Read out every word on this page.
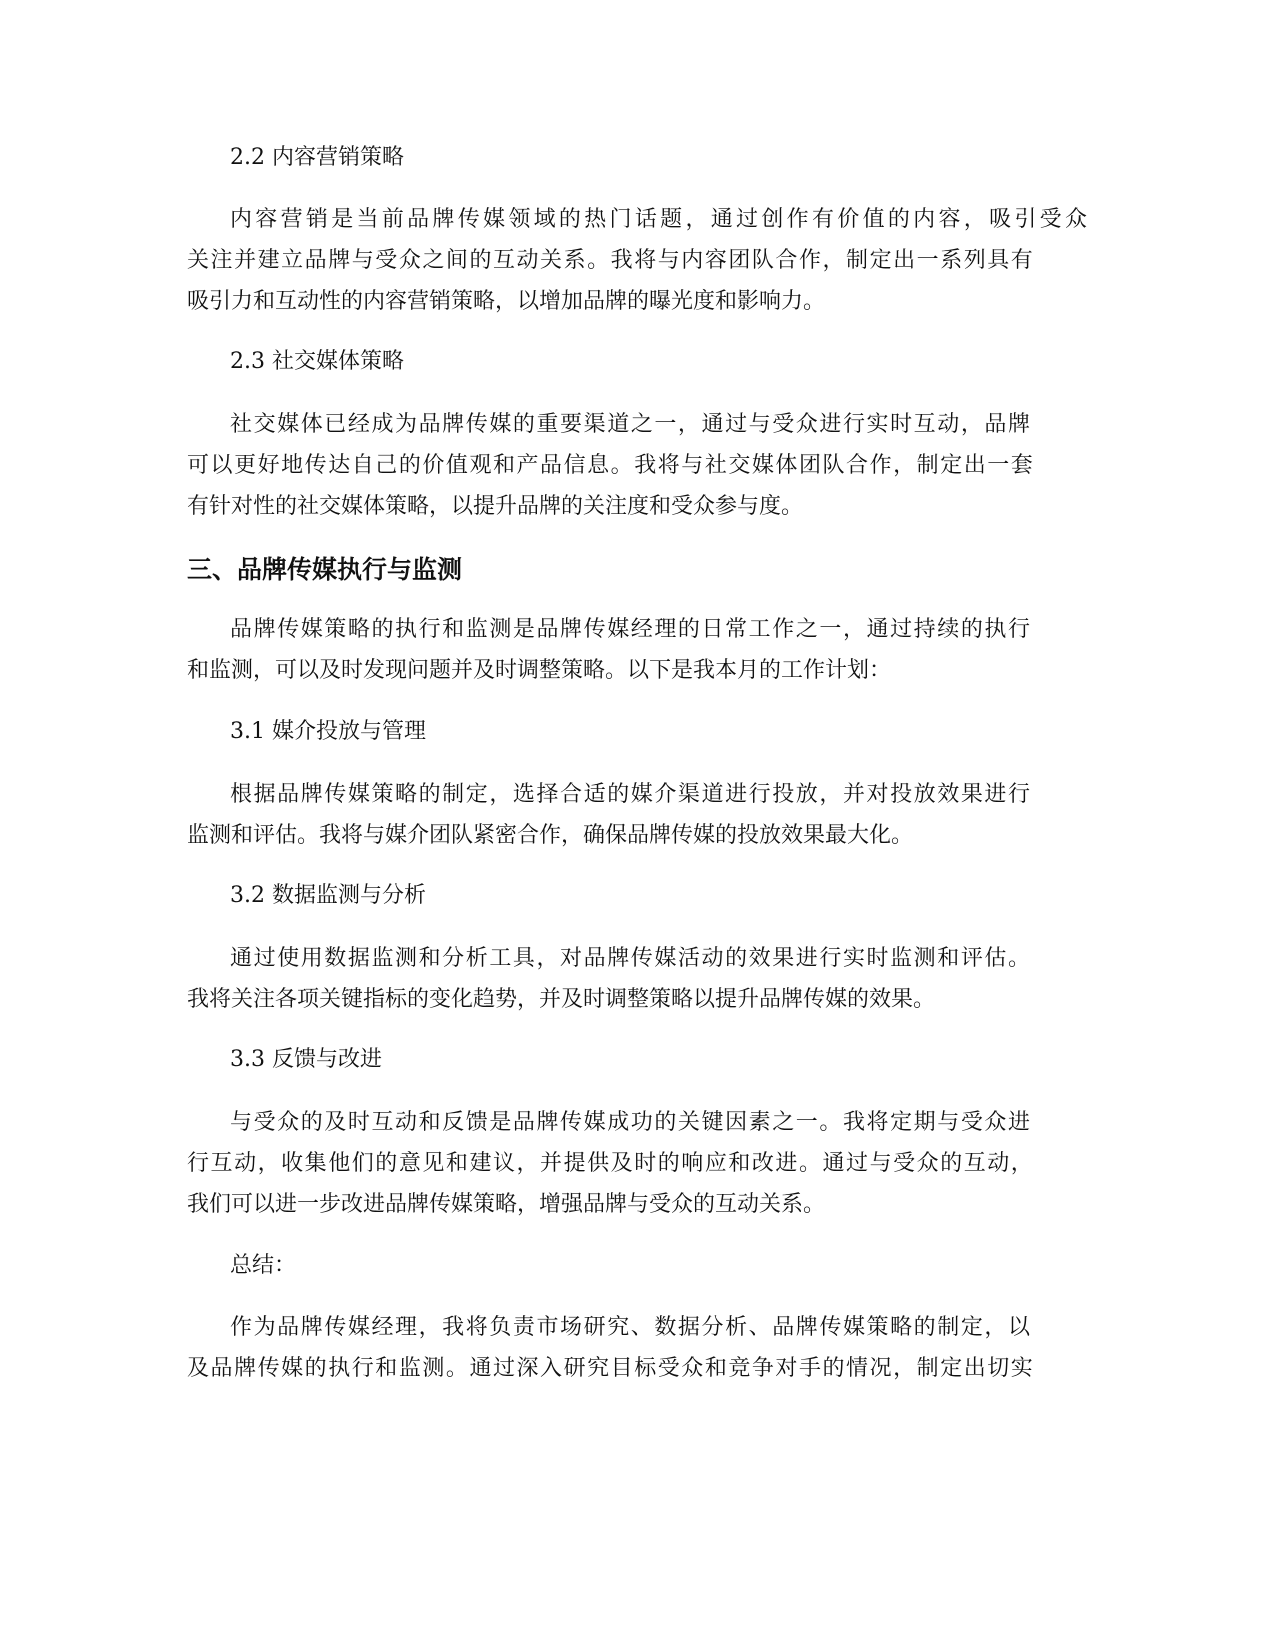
2.2 内容营销策略
内容营销是当前品牌传媒领域的热门话题，通过创作有价值的内容，吸引受众
关注并建立品牌与受众之间的互动关系。我将与内容团队合作，制定出一系列具有
吸引力和互动性的内容营销策略，以增加品牌的曝光度和影响力。
2.3 社交媒体策略
社交媒体已经成为品牌传媒的重要渠道之一，通过与受众进行实时互动，品牌
可以更好地传达自己的价值观和产品信息。我将与社交媒体团队合作，制定出一套
有针对性的社交媒体策略，以提升品牌的关注度和受众参与度。
三、品牌传媒执行与监测
品牌传媒策略的执行和监测是品牌传媒经理的日常工作之一，通过持续的执行
和监测，可以及时发现问题并及时调整策略。以下是我本月的工作计划：
3.1 媒介投放与管理
根据品牌传媒策略的制定，选择合适的媒介渠道进行投放，并对投放效果进行
监测和评估。我将与媒介团队紧密合作，确保品牌传媒的投放效果最大化。
3.2 数据监测与分析
通过使用数据监测和分析工具，对品牌传媒活动的效果进行实时监测和评估。
我将关注各项关键指标的变化趋势，并及时调整策略以提升品牌传媒的效果。
3.3 反馈与改进
与受众的及时互动和反馈是品牌传媒成功的关键因素之一。我将定期与受众进
行互动，收集他们的意见和建议，并提供及时的响应和改进。通过与受众的互动，
我们可以进一步改进品牌传媒策略，增强品牌与受众的互动关系。
总结：
作为品牌传媒经理，我将负责市场研究、数据分析、品牌传媒策略的制定，以
及品牌传媒的执行和监测。通过深入研究目标受众和竞争对手的情况，制定出切实
